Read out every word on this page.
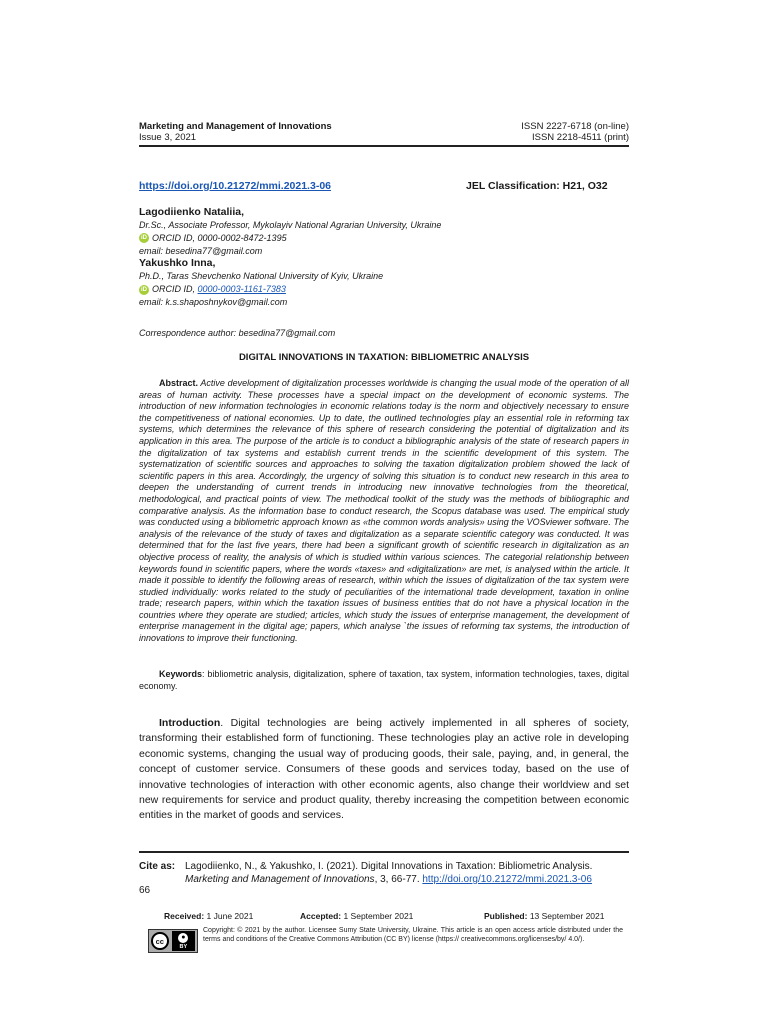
Marketing and Management of Innovations
Issue 3, 2021
ISSN 2227-6718 (on-line)
ISSN 2218-4511 (print)
https://doi.org/10.21272/mmi.2021.3-06	JEL Classification: H21, O32
Lagodiienko Nataliia,
Dr.Sc., Associate Professor, Mykolayiv National Agrarian University, Ukraine
iD ORCID ID, 0000-0002-8472-1395
email: besedina77@gmail.com
Yakushko Inna,
Ph.D., Taras Shevchenko National University of Kyiv, Ukraine
iD ORCID ID,
0000-0003-1161-7383
email: k.s.shaposhnykov@gmail.com
Correspondence author: besedina77@gmail.com
DIGITAL INNOVATIONS IN TAXATION: BIBLIOMETRIC ANALYSIS
Abstract. Active development of digitalization processes worldwide is changing the usual mode of the operation of all areas of human activity. These processes have a special impact on the development of economic systems. The introduction of new information technologies in economic relations today is the norm and objectively necessary to ensure the competitiveness of national economies. Up to date, the outlined technologies play an essential role in reforming tax systems, which determines the relevance of this sphere of research considering the potential of digitalization and its application in this area. The purpose of the article is to conduct a bibliographic analysis of the state of research papers in the digitalization of tax systems and establish current trends in the scientific development of this system. The systematization of scientific sources and approaches to solving the taxation digitalization problem showed the lack of scientific papers in this area. Accordingly, the urgency of solving this situation is to conduct new research in this area to deepen the understanding of current trends in introducing new innovative technologies from the theoretical, methodological, and practical points of view. The methodical toolkit of the study was the methods of bibliographic and comparative analysis. As the information base to conduct research, the Scopus database was used. The empirical study was conducted using a bibliometric approach known as «the common words analysis» using the VOSviewer software. The analysis of the relevance of the study of taxes and digitalization as a separate scientific category was conducted. It was determined that for the last five years, there had been a significant growth of scientific research in digitalization as an objective process of reality, the analysis of which is studied within various sciences. The categorial relationship between keywords found in scientific papers, where the words «taxes» and «digitalization» are met, is analysed within the article. It made it possible to identify the following areas of research, within which the issues of digitalization of the tax system were studied individually: works related to the study of peculiarities of the international trade development, taxation in online trade; research papers, within which the taxation issues of business entities that do not have a physical location in the countries where they operate are studied; articles, which study the issues of enterprise management, the development of enterprise management in the digital age; papers, which analyse `the issues of reforming tax systems, the introduction of innovations to improve their functioning.
Keywords: bibliometric analysis, digitalization, sphere of taxation, tax system, information technologies, taxes, digital economy.
Introduction. Digital technologies are being actively implemented in all spheres of society, transforming their established form of functioning. These technologies play an active role in developing economic systems, changing the usual way of producing goods, their sale, paying, and, in general, the concept of customer service. Consumers of these goods and services today, based on the use of innovative technologies of interaction with other economic agents, also change their worldview and set new requirements for service and product quality, thereby increasing the competition between economic entities in the market of goods and services.
Cite as: Lagodiienko, N., & Yakushko, I. (2021). Digital Innovations in Taxation: Bibliometric Analysis. Marketing and Management of Innovations, 3, 66-77. http://doi.org/10.21272/mmi.2021.3-06
66
Received: 1 June 2021	Accepted: 1 September 2021	Published: 13 September 2021
cc	●
BY
Copyright: © 2021 by the author. Licensee Sumy State University, Ukraine. This article is an open access article distributed under the terms and conditions of the Creative Commons Attribution (CC BY) license (https:// creativecommons.org/licenses/by/ 4.0/).
